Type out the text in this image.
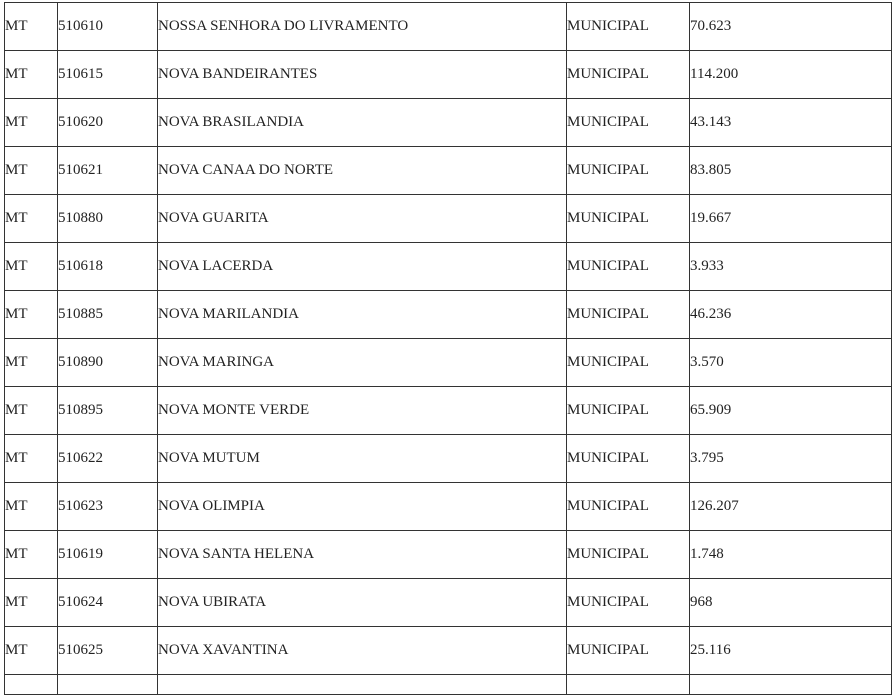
MT	510610	NOSSA SENHORA DO LIVRAMENTO	MUNICIPAL	70.623

MT	510615	NOVA BANDEIRANTES	MUNICIPAL	114.200

MT	510620	NOVA BRASILANDIA	MUNICIPAL	43.143

MT	510621	NOVA CANAA DO NORTE	MUNICIPAL	83.805

MT	510880	NOVA GUARITA	MUNICIPAL	19.667

MT	510618	NOVA LACERDA	MUNICIPAL	3.933

MT	510885	NOVA MARILANDIA	MUNICIPAL	46.236

MT	510890	NOVA MARINGA	MUNICIPAL	3.570

MT	510895	NOVA MONTE VERDE	MUNICIPAL	65.909

MT	510622	NOVA MUTUM	MUNICIPAL	3.795

MT	510623	NOVA OLIMPIA	MUNICIPAL	126.207

MT	510619	NOVA SANTA HELENA	MUNICIPAL	1.748

MT	510624	NOVA UBIRATA	MUNICIPAL	968

MT	510625	NOVA XAVANTINA	MUNICIPAL	25.116
